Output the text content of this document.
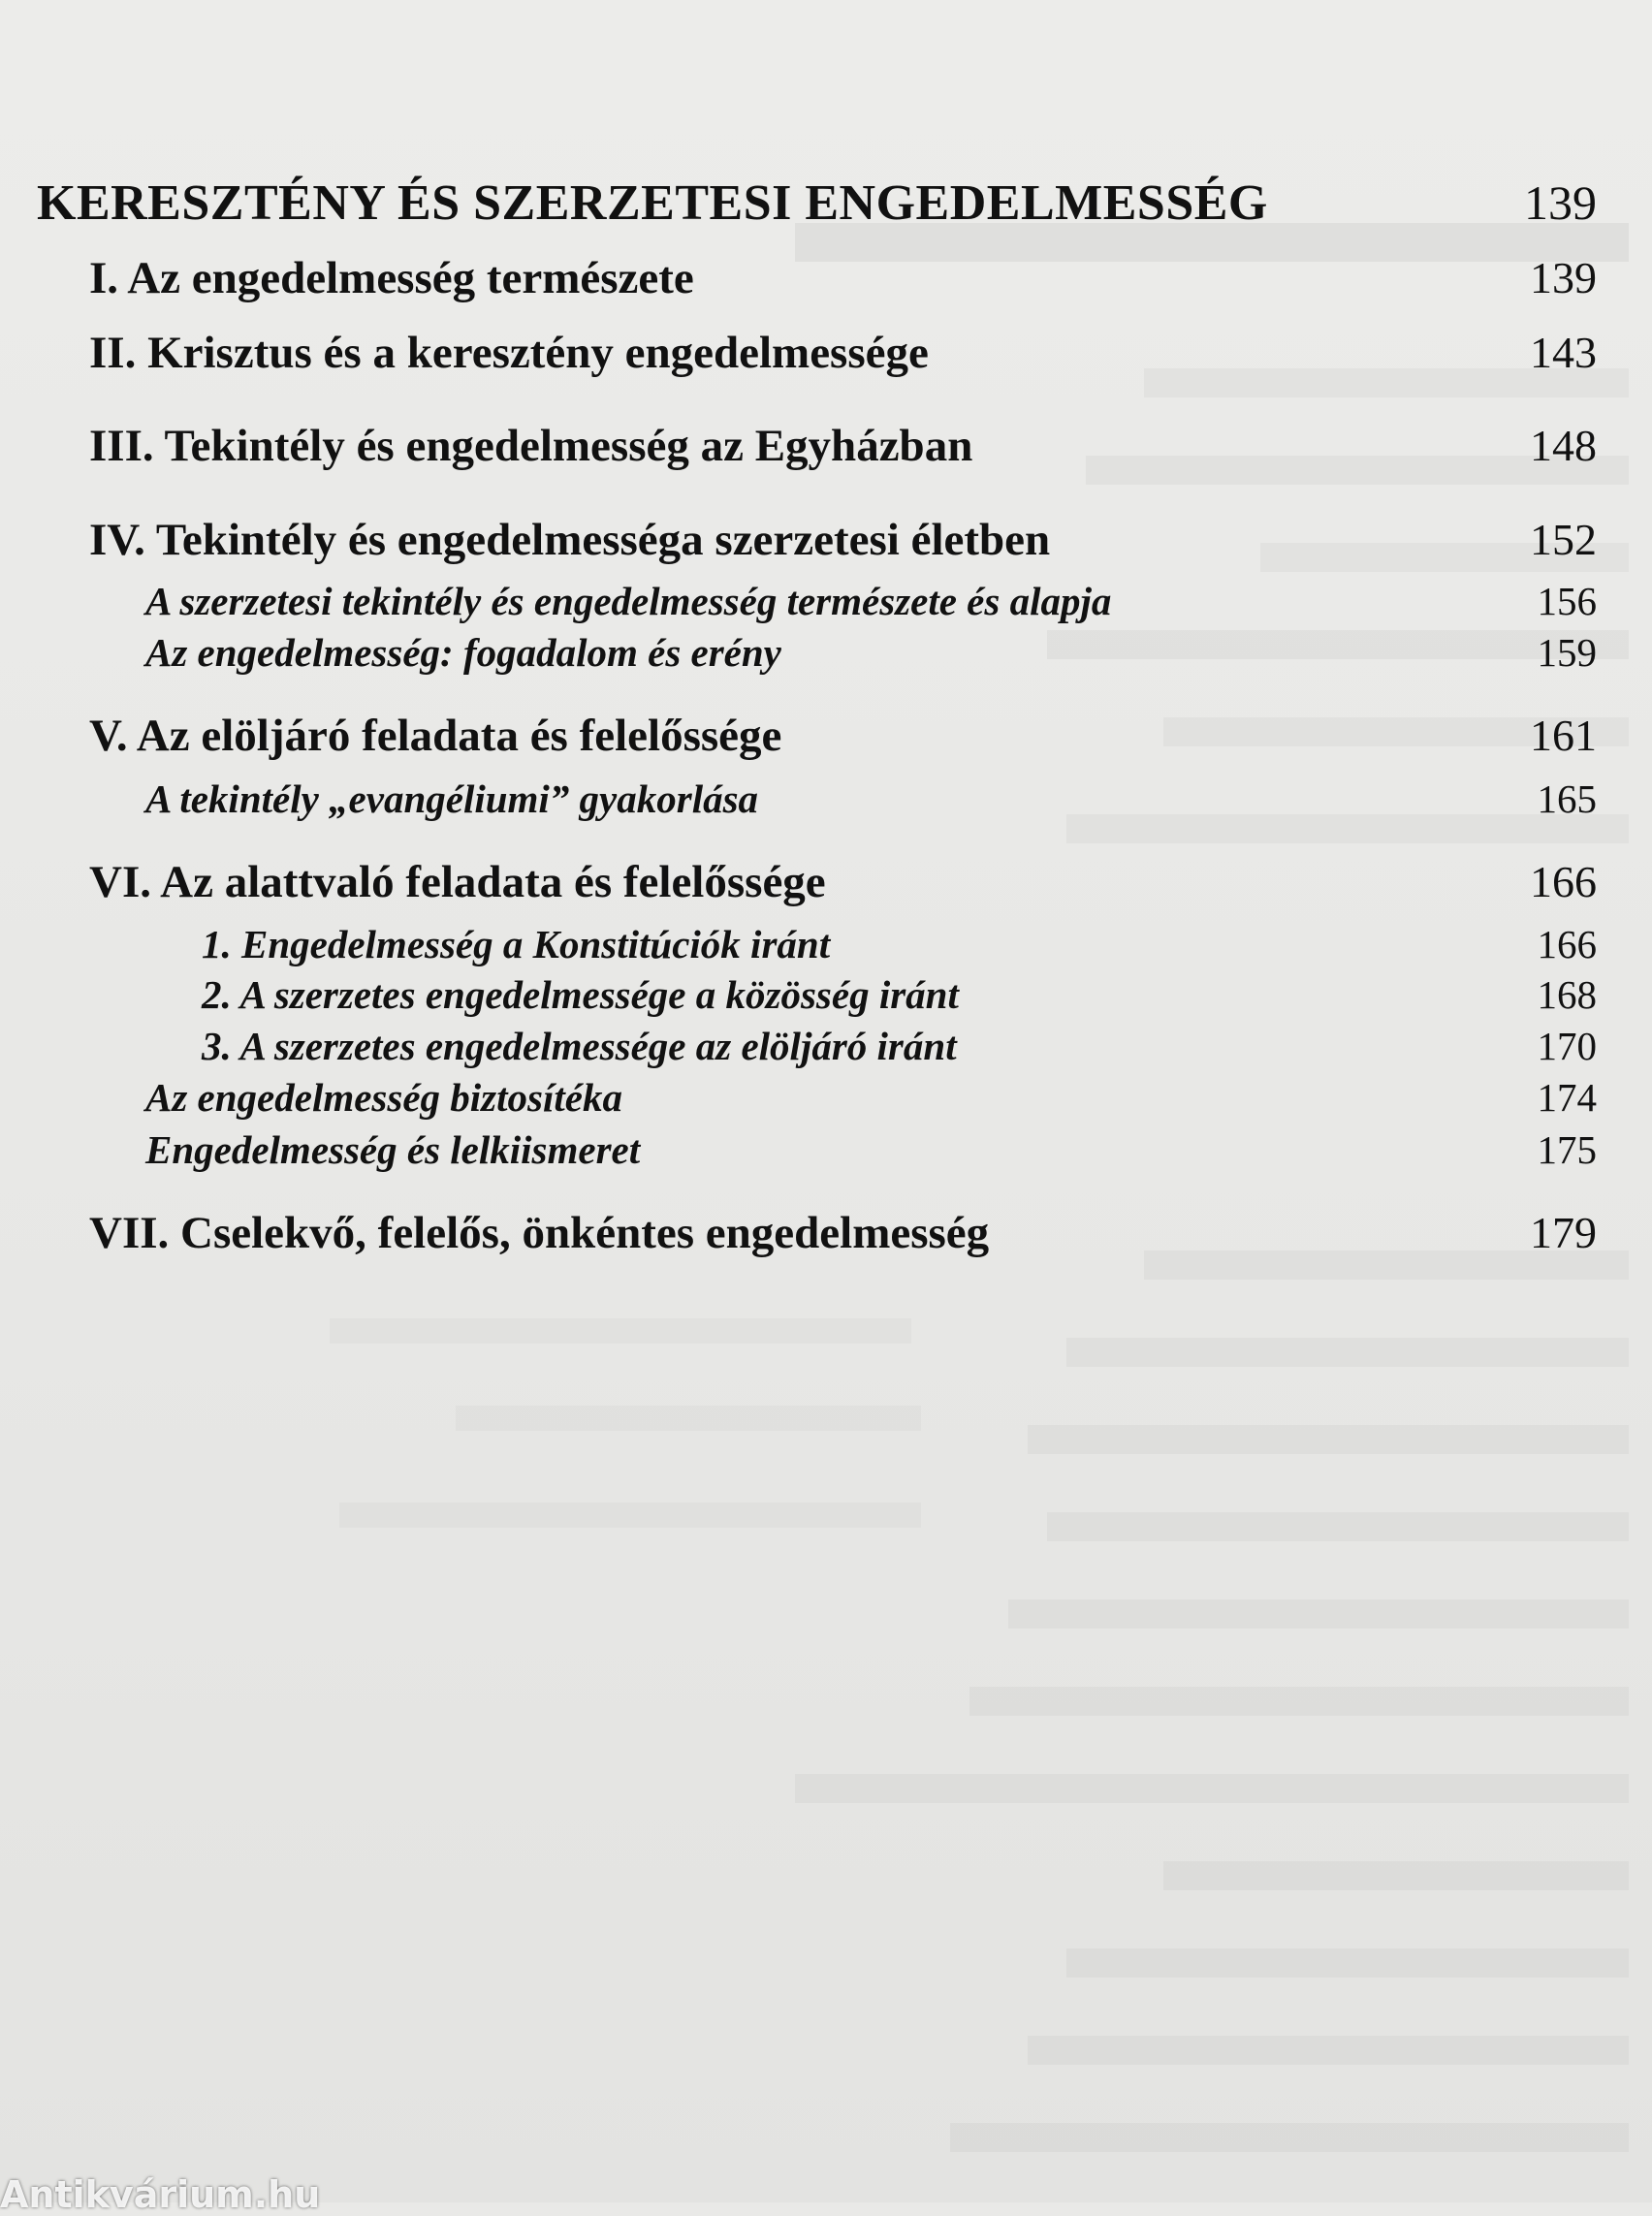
KERESZTÉNY ÉS SZERZETESI ENGEDELMESSÉG	139
I. Az engedelmesség természete	139
II. Krisztus és a keresztény engedelmessége	143
III. Tekintély és engedelmesség az Egyházban	148
IV. Tekintély és engedelmességa szerzetesi életben	152
A szerzetesi tekintély és engedelmesség természete és alapja	156
Az engedelmesség: fogadalom és erény	159
V. Az elöljáró feladata és felelőssége	161
A tekintély „evangéliumi” gyakorlása	165
VI. Az alattvaló feladata és felelőssége	166
1. Engedelmesség a Konstitúciók iránt	166
2. A szerzetes engedelmessége a közösség iránt	168
3. A szerzetes engedelmessége az elöljáró iránt	170
Az engedelmesség biztosítéka	174
Engedelmesség és lelkiismeret	175
VII. Cselekvő, felelős, önkéntes engedelmesség	179
Antikvárium.hu
